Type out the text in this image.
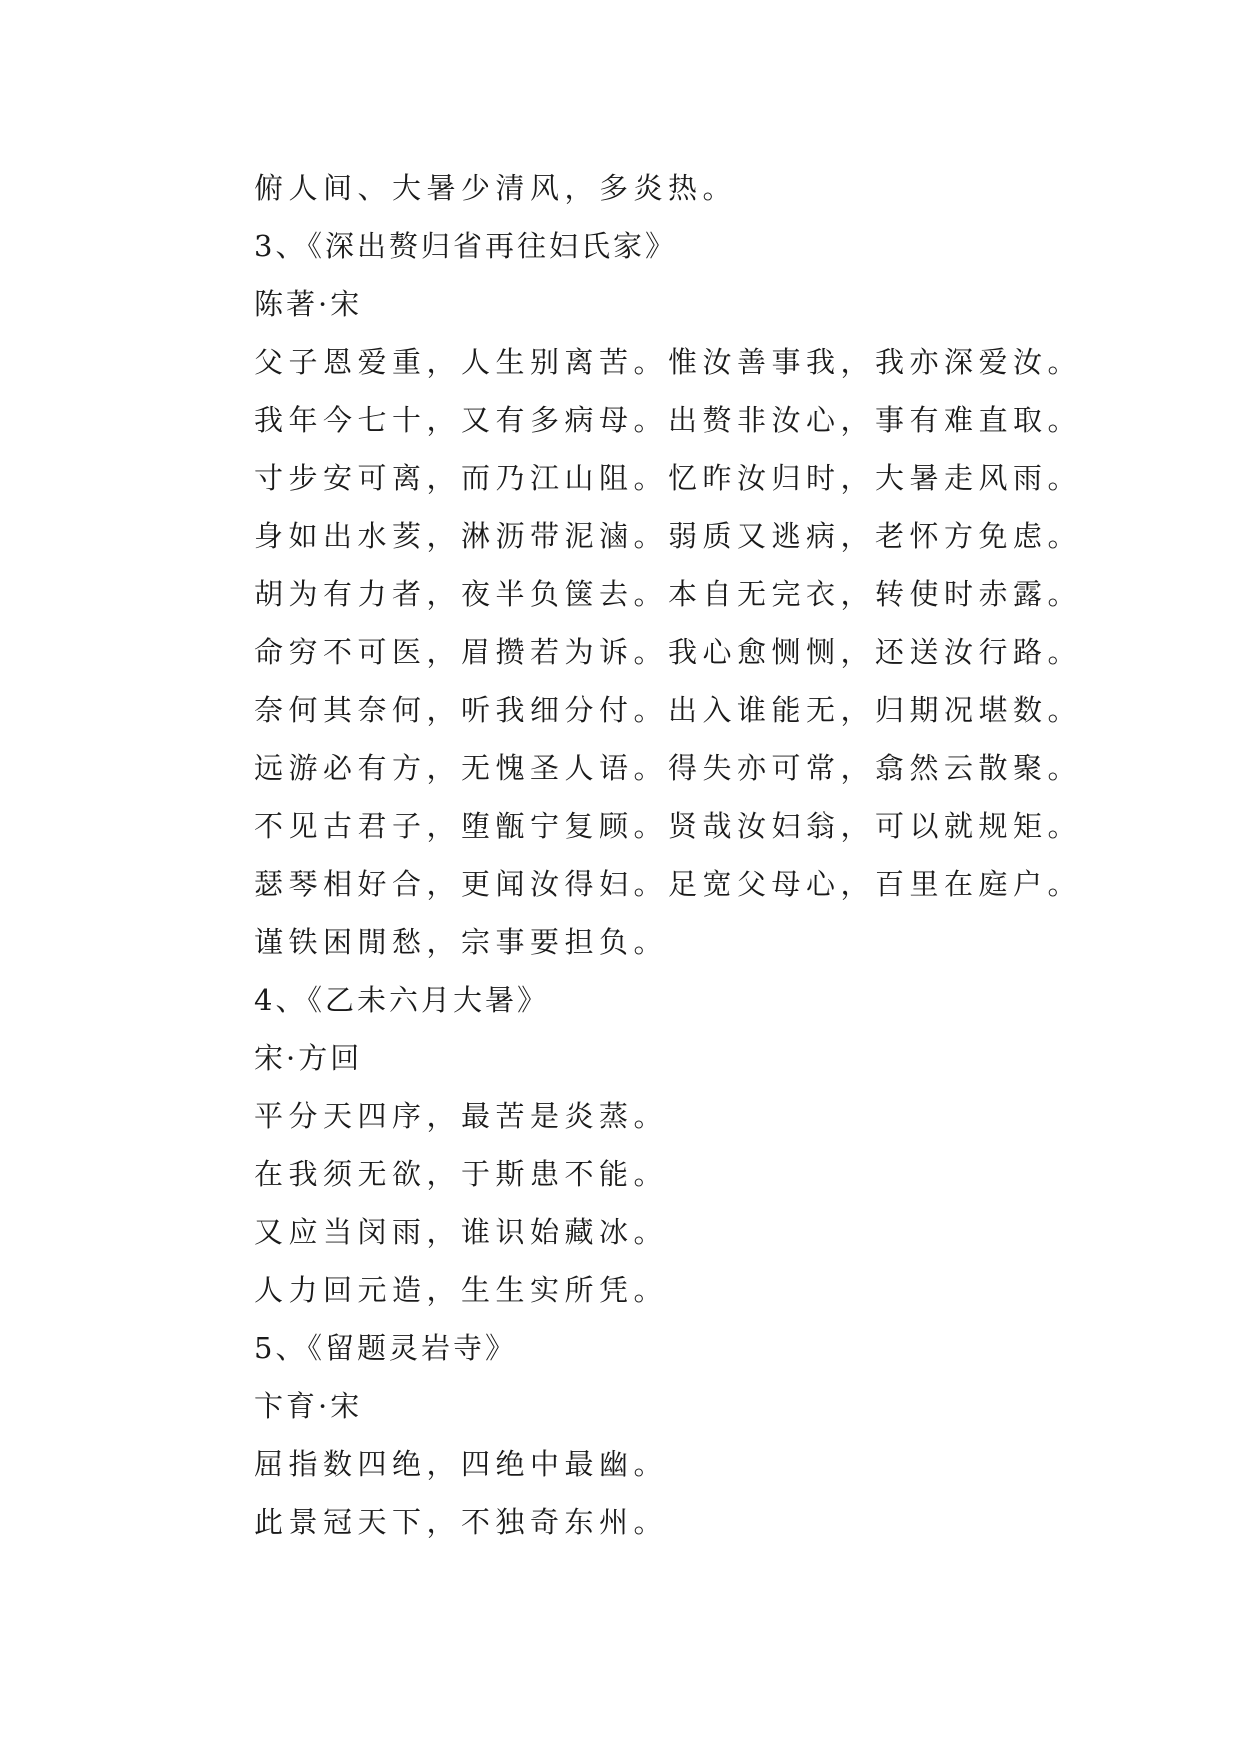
俯人间、大暑少清风，多炎热。
3、《深出赘归省再往妇氏家》
陈著·宋
父子恩爱重，人生别离苦。惟汝善事我，我亦深爱汝。
我年今七十，又有多病母。出赘非汝心，事有难直取。
寸步安可离，而乃江山阻。忆昨汝归时，大暑走风雨。
身如出水荄，淋沥带泥滷。弱质又逃病，老怀方免虑。
胡为有力者，夜半负箧去。本自无完衣，转使时赤露。
命穷不可医，眉攒若为诉。我心愈恻恻，还送汝行路。
奈何其奈何，听我细分付。出入谁能无，归期况堪数。
远游必有方，无愧圣人语。得失亦可常，翕然云散聚。
不见古君子，堕甑宁复顾。贤哉汝妇翁，可以就规矩。
瑟琴相好合，更闻汝得妇。足宽父母心，百里在庭户。
谨铁困閒愁，宗事要担负。
4、《乙未六月大暑》
宋·方回
平分天四序，最苦是炎蒸。
在我须无欲，于斯患不能。
又应当闵雨，谁识始藏冰。
人力回元造，生生实所凭。
5、《留题灵岩寺》
卞育·宋
屈指数四绝，四绝中最幽。
此景冠天下，不独奇东州。
